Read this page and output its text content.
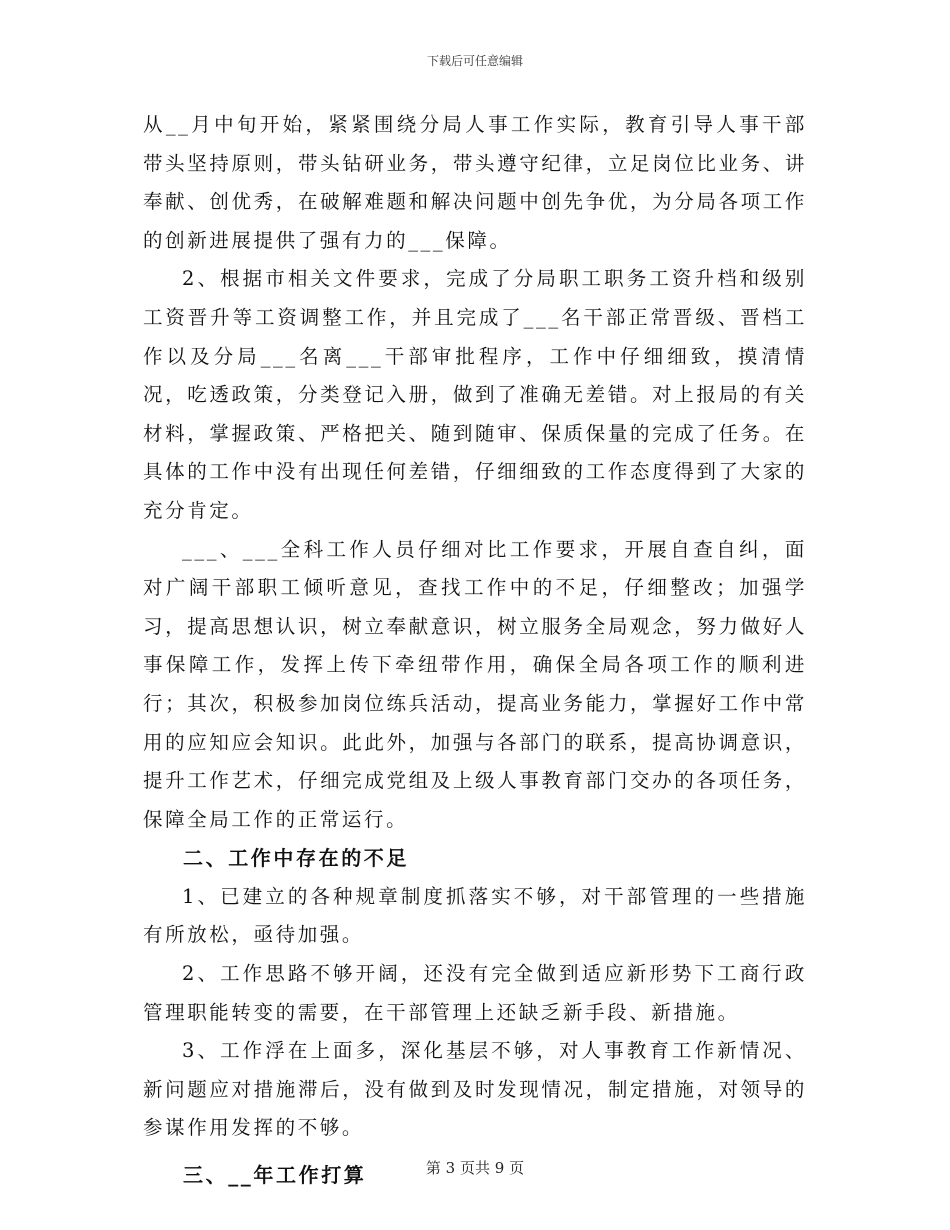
下载后可任意编辑

从__月中旬开始，紧紧围绕分局人事工作实际，教育引导人事干部带头坚持原则，带头钻研业务，带头遵守纪律，立足岗位比业务、讲奉献、创优秀，在破解难题和解决问题中创先争优，为分局各项工作的创新进展提供了强有力的___保障。

2、根据市相关文件要求，完成了分局职工职务工资升档和级别工资晋升等工资调整工作，并且完成了___名干部正常晋级、晋档工作以及分局___名离___干部审批程序，工作中仔细细致，摸清情况，吃透政策，分类登记入册，做到了准确无差错。对上报局的有关材料，掌握政策、严格把关、随到随审、保质保量的完成了任务。在具体的工作中没有出现任何差错，仔细细致的工作态度得到了大家的充分肯定。

___、___全科工作人员仔细对比工作要求，开展自查自纠，面对广阔干部职工倾听意见，查找工作中的不足，仔细整改；加强学习，提高思想认识，树立奉献意识，树立服务全局观念，努力做好人事保障工作，发挥上传下牵纽带作用，确保全局各项工作的顺利进行；其次，积极参加岗位练兵活动，提高业务能力，掌握好工作中常用的应知应会知识。此此外，加强与各部门的联系，提高协调意识，提升工作艺术，仔细完成党组及上级人事教育部门交办的各项任务，保障全局工作的正常运行。

二、工作中存在的不足

1、已建立的各种规章制度抓落实不够，对干部管理的一些措施有所放松，亟待加强。

2、工作思路不够开阔，还没有完全做到适应新形势下工商行政管理职能转变的需要，在干部管理上还缺乏新手段、新措施。

3、工作浮在上面多，深化基层不够，对人事教育工作新情况、新问题应对措施滞后，没有做到及时发现情况，制定措施，对领导的参谋作用发挥的不够。

三、__年工作打算	第 3 页共 9 页
